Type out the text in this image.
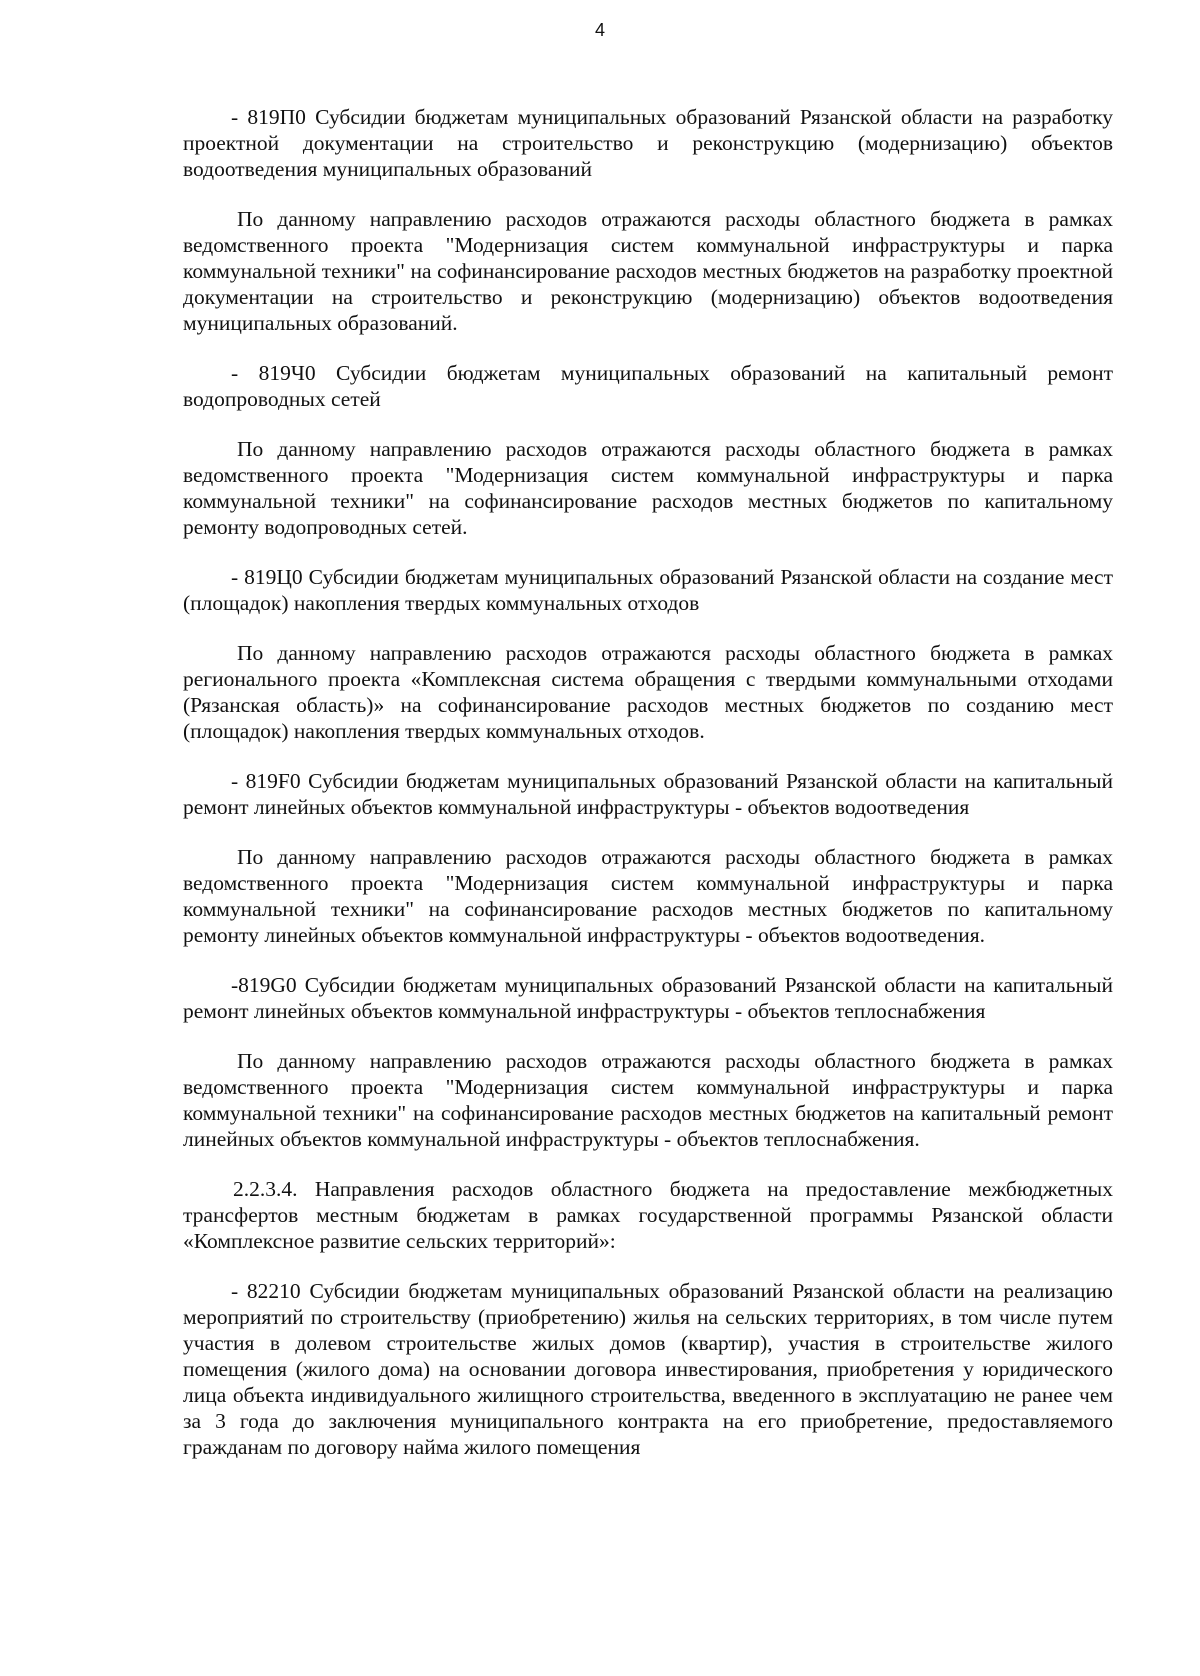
4

- 819П0 Субсидии бюджетам муниципальных образований Рязанской области на разработку проектной документации на строительство и реконструкцию (модернизацию) объектов водоотведения муниципальных образований

По данному направлению расходов отражаются расходы областного бюджета в рамках ведомственного проекта "Модернизация систем коммунальной инфраструктуры и парка коммунальной техники" на софинансирование расходов местных бюджетов на разработку проектной документации на строительство и реконструкцию (модернизацию) объектов водоотведения муниципальных образований.

- 819Ч0 Субсидии бюджетам муниципальных образований на капитальный ремонт водопроводных сетей

По данному направлению расходов отражаются расходы областного бюджета в рамках ведомственного проекта "Модернизация систем коммунальной инфраструктуры и парка коммунальной техники" на софинансирование расходов местных бюджетов по капитальному ремонту водопроводных сетей.

- 819Ц0 Субсидии бюджетам муниципальных образований Рязанской области на создание мест (площадок) накопления твердых коммунальных отходов

По данному направлению расходов отражаются расходы областного бюджета в рамках регионального проекта «Комплексная система обращения с твердыми коммунальными отходами (Рязанская область)» на софинансирование расходов местных бюджетов по созданию мест (площадок) накопления твердых коммунальных отходов.

- 819F0 Субсидии бюджетам муниципальных образований Рязанской области на капитальный ремонт линейных объектов коммунальной инфраструктуры - объектов водоотведения

По данному направлению расходов отражаются расходы областного бюджета в рамках ведомственного проекта "Модернизация систем коммунальной инфраструктуры и парка коммунальной техники" на софинансирование расходов местных бюджетов по капитальному ремонту линейных объектов коммунальной инфраструктуры - объектов водоотведения.

-819G0 Субсидии бюджетам муниципальных образований Рязанской области на капитальный ремонт линейных объектов коммунальной инфраструктуры - объектов теплоснабжения

По данному направлению расходов отражаются расходы областного бюджета в рамках ведомственного проекта "Модернизация систем коммунальной инфраструктуры и парка коммунальной техники" на софинансирование расходов местных бюджетов на капитальный ремонт линейных объектов коммунальной инфраструктуры - объектов теплоснабжения.

2.2.3.4. Направления расходов областного бюджета на предоставление межбюджетных трансфертов местным бюджетам в рамках государственной программы Рязанской области «Комплексное развитие сельских территорий»:

- 82210 Субсидии бюджетам муниципальных образований Рязанской области на реализацию мероприятий по строительству (приобретению) жилья на сельских территориях, в том числе путем участия в долевом строительстве жилых домов (квартир), участия в строительстве жилого помещения (жилого дома) на основании договора инвестирования, приобретения у юридического лица объекта индивидуального жилищного строительства, введенного в эксплуатацию не ранее чем за 3 года до заключения муниципального контракта на его приобретение, предоставляемого гражданам по договору найма жилого помещения
